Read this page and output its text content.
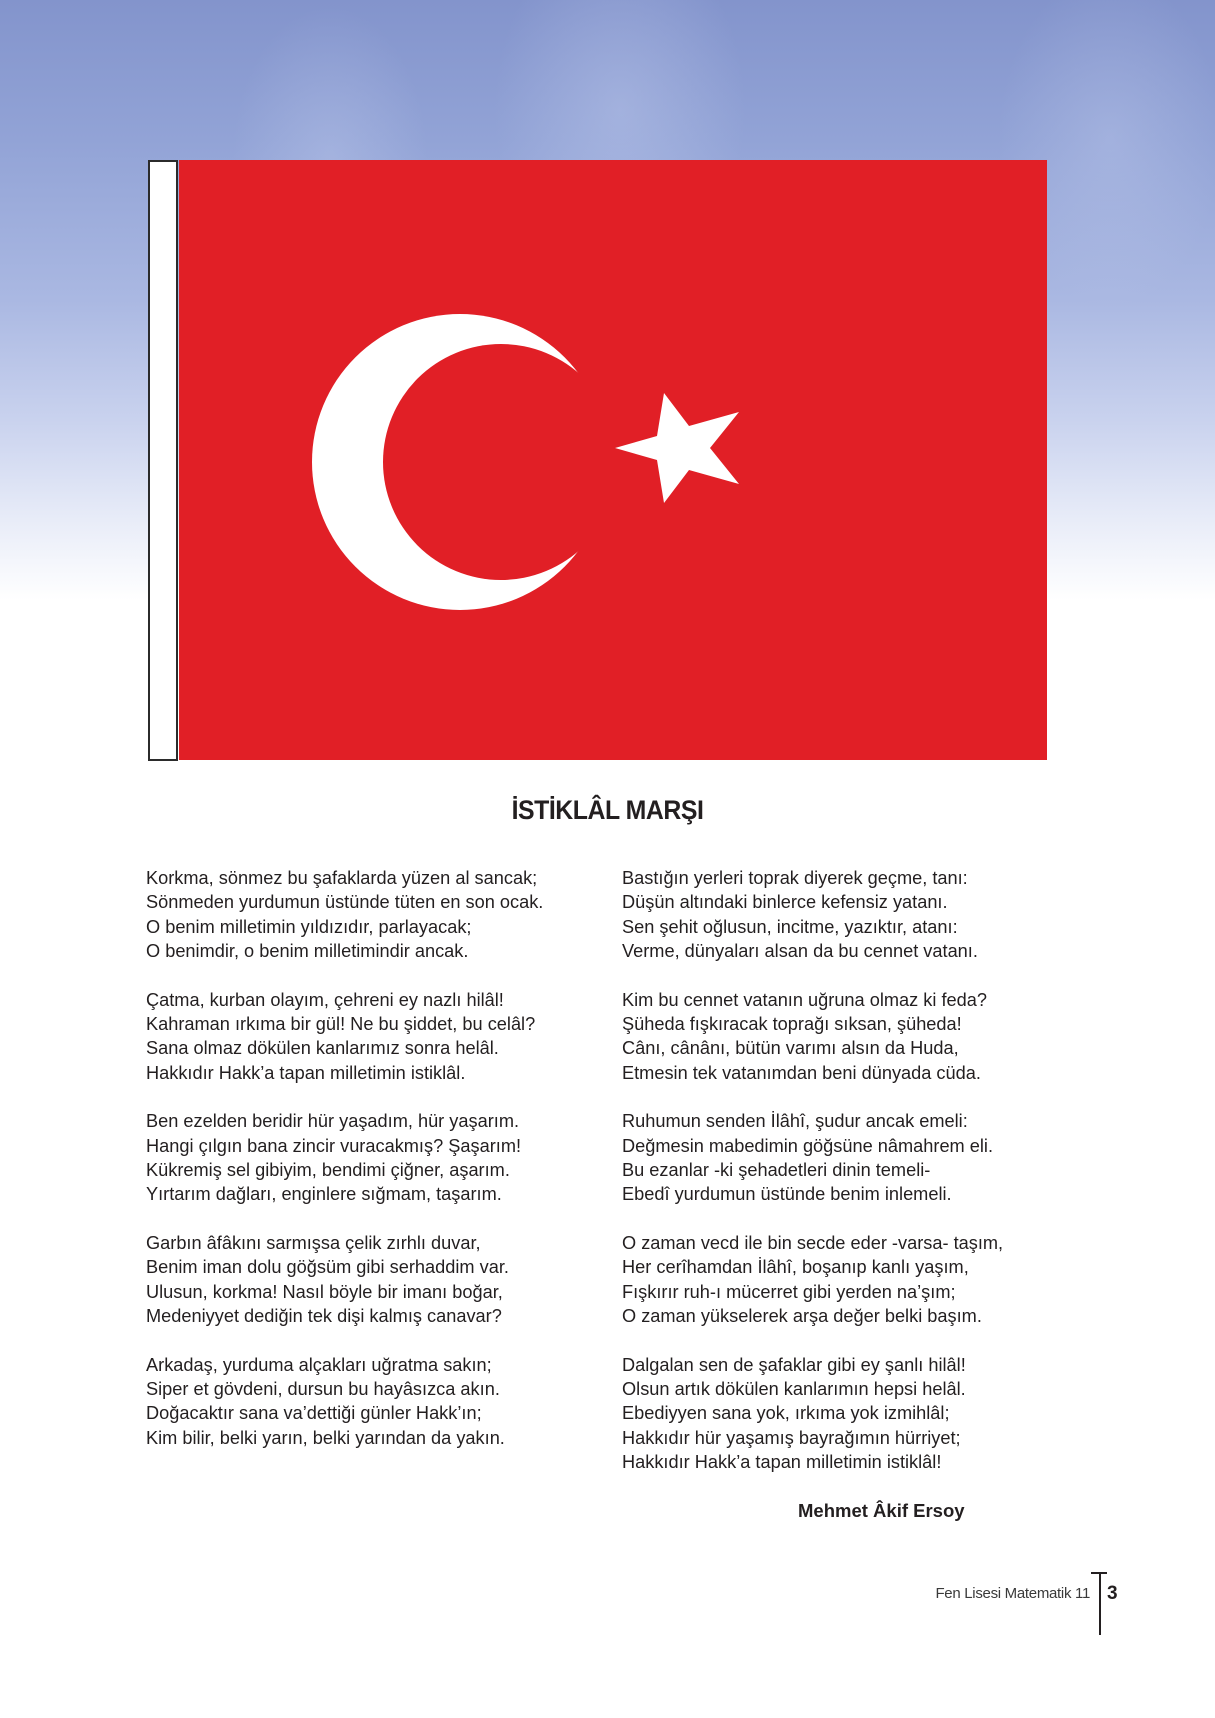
İSTİKLÂL MARŞI
Korkma, sönmez bu şafaklarda yüzen al sancak;
Sönmeden yurdumun üstünde tüten en son ocak.
O benim milletimin yıldızıdır, parlayacak;
O benimdir, o benim milletimindir ancak.
Çatma, kurban olayım, çehreni ey nazlı hilâl!
Kahraman ırkıma bir gül! Ne bu şiddet, bu celâl?
Sana olmaz dökülen kanlarımız sonra helâl.
Hakkıdır Hakk’a tapan milletimin istiklâl.
Ben ezelden beridir hür yaşadım, hür yaşarım.
Hangi çılgın bana zincir vuracakmış? Şaşarım!
Kükremiş sel gibiyim, bendimi çiğner, aşarım.
Yırtarım dağları, enginlere sığmam, taşarım.
Garbın âfâkını sarmışsa çelik zırhlı duvar,
Benim iman dolu göğsüm gibi serhaddim var.
Ulusun, korkma! Nasıl böyle bir imanı boğar,
Medeniyyet dediğin tek dişi kalmış canavar?
Arkadaş, yurduma alçakları uğratma sakın;
Siper et gövdeni, dursun bu hayâsızca akın.
Doğacaktır sana va’dettiği günler Hakk’ın;
Kim bilir, belki yarın, belki yarından da yakın.
Bastığın yerleri toprak diyerek geçme, tanı:
Düşün altındaki binlerce kefensiz yatanı.
Sen şehit oğlusun, incitme, yazıktır, atanı:
Verme, dünyaları alsan da bu cennet vatanı.
Kim bu cennet vatanın uğruna olmaz ki feda?
Şüheda fışkıracak toprağı sıksan, şüheda!
Cânı, cânânı, bütün varımı alsın da Huda,
Etmesin tek vatanımdan beni dünyada cüda.
Ruhumun senden İlâhî, şudur ancak emeli:
Değmesin mabedimin göğsüne nâmahrem eli.
Bu ezanlar -ki şehadetleri dinin temeli-
Ebedî yurdumun üstünde benim inlemeli.
O zaman vecd ile bin secde eder -varsa- taşım,
Her cerîhamdan İlâhî, boşanıp kanlı yaşım,
Fışkırır ruh-ı mücerret gibi yerden na’şım;
O zaman yükselerek arşa değer belki başım.
Dalgalan sen de şafaklar gibi ey şanlı hilâl!
Olsun artık dökülen kanlarımın hepsi helâl.
Ebediyyen sana yok, ırkıma yok izmihlâl;
Hakkıdır hür yaşamış bayrağımın hürriyet;
Hakkıdır Hakk’a tapan milletimin istiklâl!
Mehmet Âkif Ersoy
Fen Lisesi Matematik 11 3
